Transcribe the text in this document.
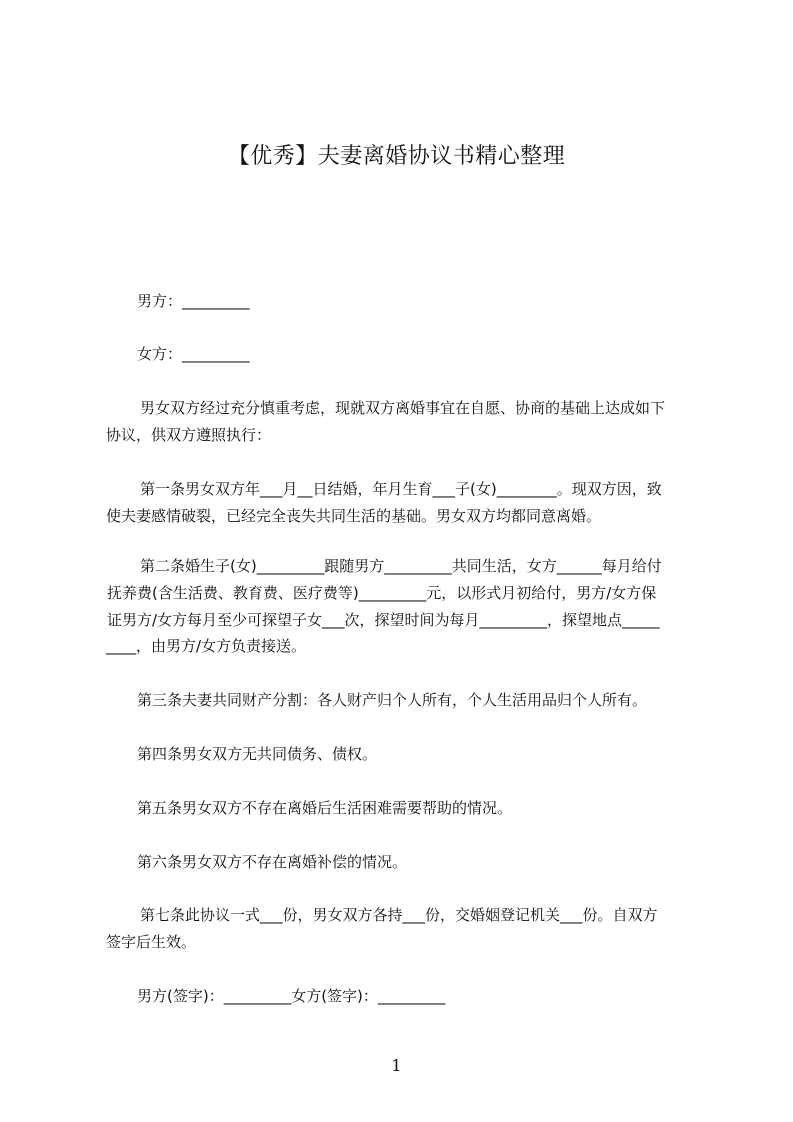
【优秀】夫妻离婚协议书精心整理
男方：_________
女方：_________
男女双方经过充分慎重考虑，现就双方离婚事宜在自愿、协商的基础上达成如下
协议，供双方遵照执行：
第一条男女双方年___月__日结婚，年月生育___子(女)________。现双方因，致
使夫妻感情破裂，已经完全丧失共同生活的基础。男女双方均都同意离婚。
第二条婚生子(女)_________跟随男方_________共同生活，女方______每月给付
抚养费(含生活费、教育费、医疗费等)_________元，以形式月初给付，男方/女方保
证男方/女方每月至少可探望子女___次，探望时间为每月_________，探望地点_____
____，由男方/女方负责接送。
第三条夫妻共同财产分割：各人财产归个人所有，个人生活用品归个人所有。
第四条男女双方无共同债务、债权。
第五条男女双方不存在离婚后生活困难需要帮助的情况。
第六条男女双方不存在离婚补偿的情况。
第七条此协议一式___份，男女双方各持___份，交婚姻登记机关___份。自双方
签字后生效。
男方(签字)：_________女方(签字)：_________
1
